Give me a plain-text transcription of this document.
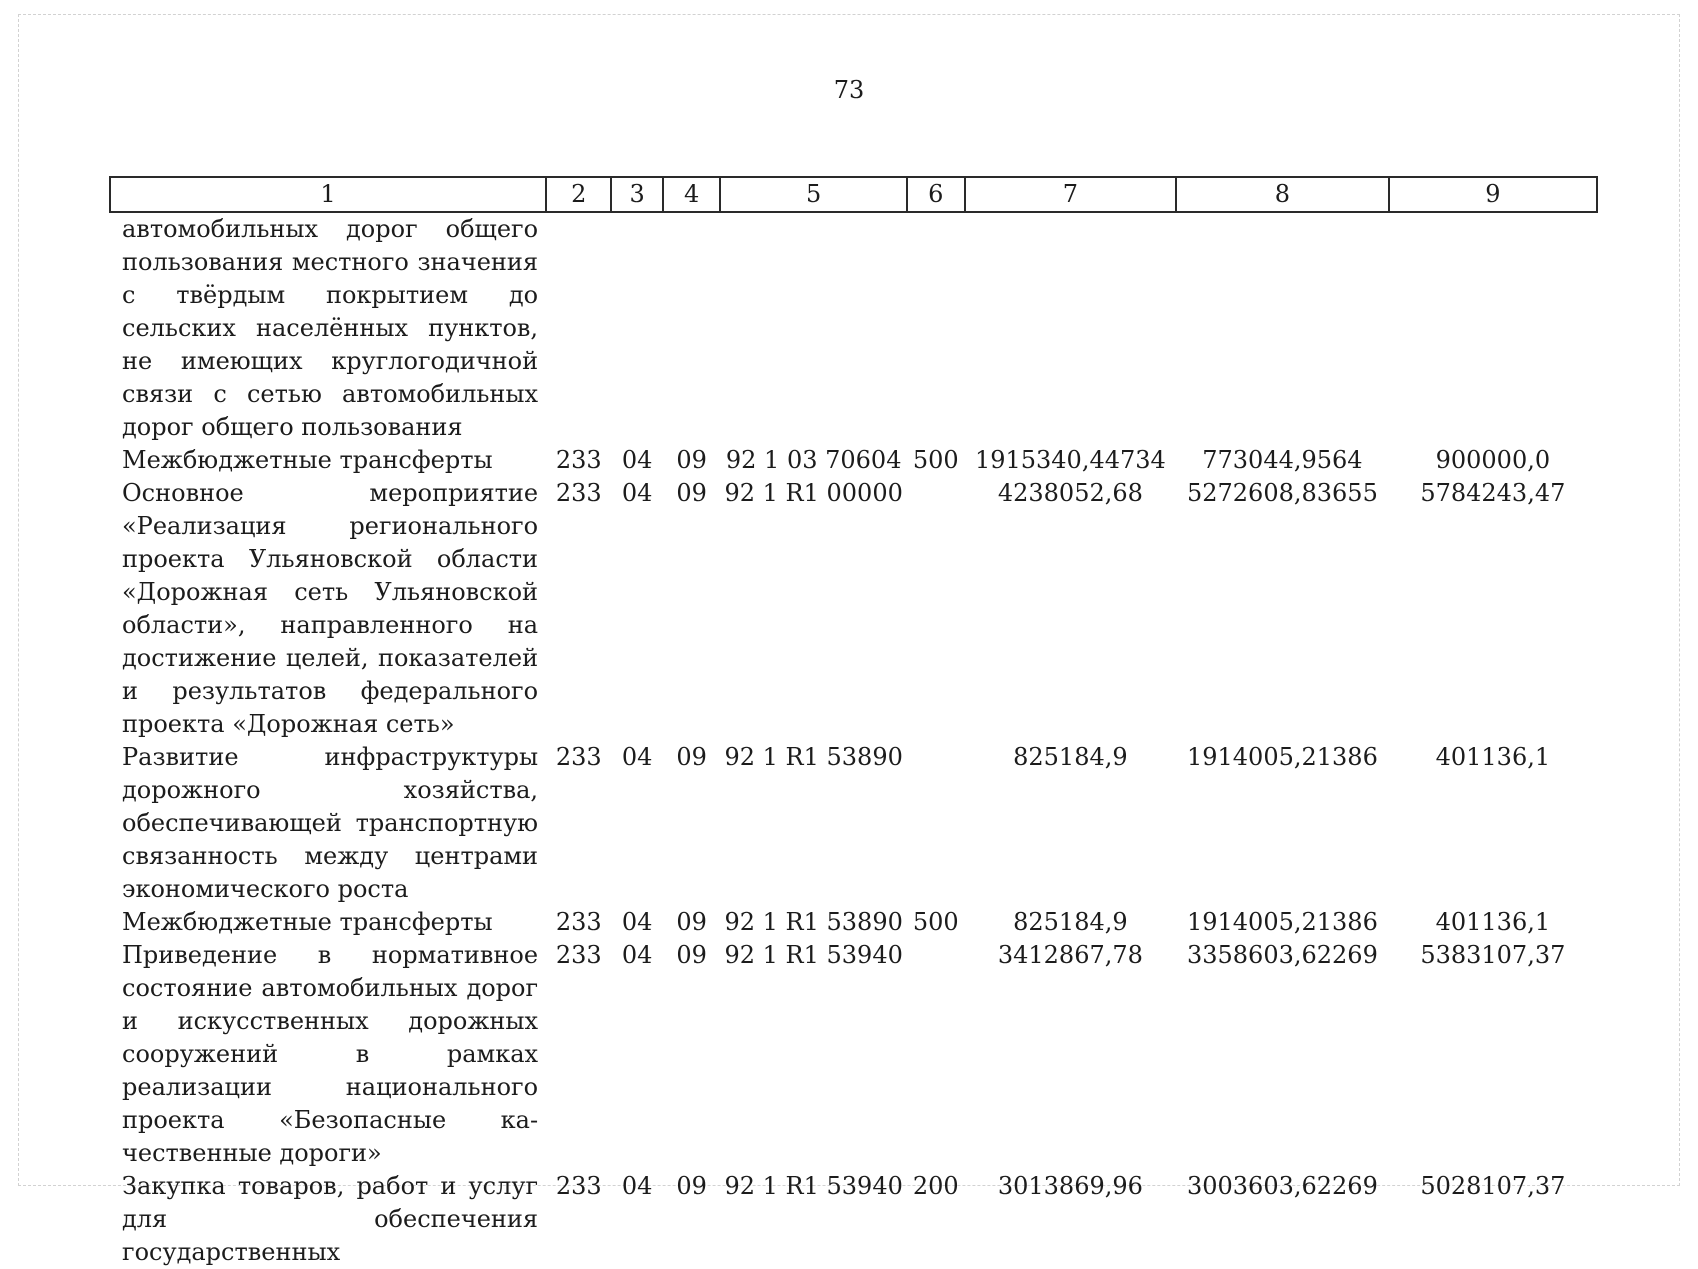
73
1	2	3	4	5	6	7	8	9
автомобильных дорог общего пользования местного значения с твёрдым покрытием до сельских населённых пунктов, не имеющих круглогодичной связи с сетью автомобильных дорог общего пользования								
Межбюджетные трансферты	233	04	09	92 1 03 70604	500	1915340,44734	773044,9564	900000,0
Основное мероприятие «Реализация регионального проекта Ульяновской области «Дорожная сеть Ульяновской области», направленного на достижение целей, показателей и результатов федерального проекта «Дорожная сеть»	233	04	09	92 1 R1 00000		4238052,68	5272608,83655	5784243,47
Развитие инфраструктуры дорожного хозяйства, обеспечивающей транспортную связанность между центрами экономического роста	233	04	09	92 1 R1 53890		825184,9	1914005,21386	401136,1
Межбюджетные трансферты	233	04	09	92 1 R1 53890	500	825184,9	1914005,21386	401136,1
Приведение в нормативное состояние автомобильных дорог и искусственных дорожных сооружений в рамках реализации национального проекта «Безопасные качественные дороги»	233	04	09	92 1 R1 53940		3412867,78	3358603,62269	5383107,37
Закупка товаров, работ и услуг для обеспечения государственных	233	04	09	92 1 R1 53940	200	3013869,96	3003603,62269	5028107,37
